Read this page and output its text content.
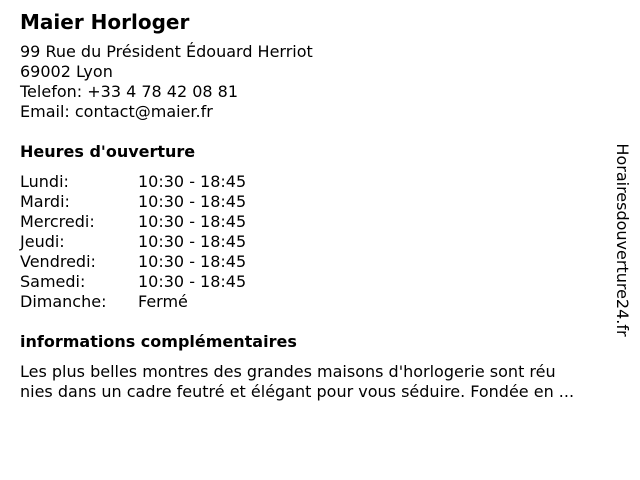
Maier Horloger
99 Rue du Président Édouard Herriot
69002 Lyon
Telefon: +33 4 78 42 08 81
Email: contact@maier.fr
Heures d'ouverture
Lundi:	10:30 - 18:45
Mardi:	10:30 - 18:45
Mercredi:	10:30 - 18:45
Jeudi:	10:30 - 18:45
Vendredi:	10:30 - 18:45
Samedi:	10:30 - 18:45
Dimanche: Fermé
informations complémentaires
Les plus belles montres des grandes maisons d'horlogerie sont réu
nies dans un cadre feutré et élégant pour vous séduire. Fondée en ...
Horairesdouverture24.fr
